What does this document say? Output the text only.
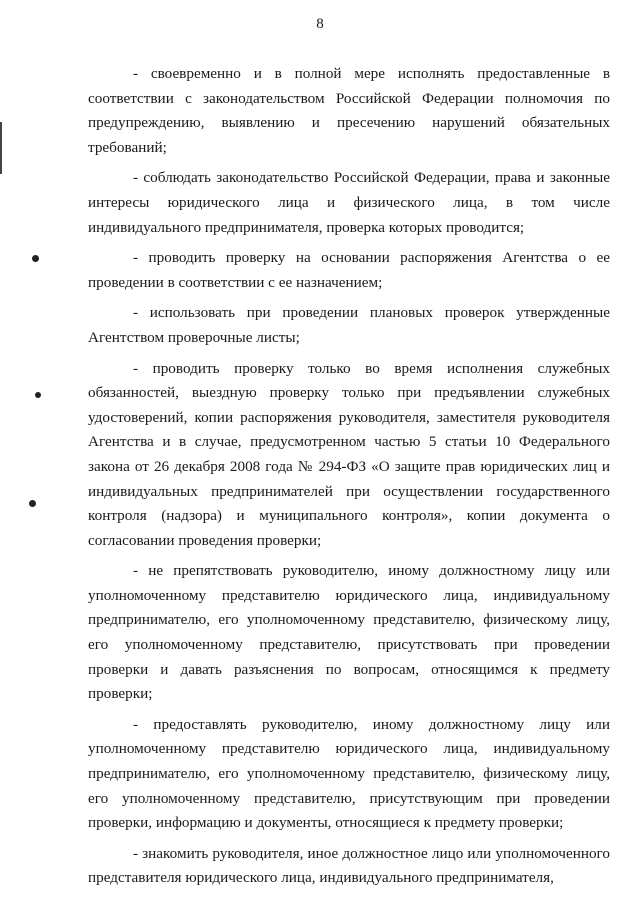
8

- своевременно и в полной мере исполнять предоставленные в соответствии с законодательством Российской Федерации полномочия по предупреждению, выявлению и пресечению нарушений обязательных требований;

- соблюдать законодательство Российской Федерации, права и законные интересы юридического лица и физического лица, в том числе индивидуального предпринимателя, проверка которых проводится;

- проводить проверку на основании распоряжения Агентства о ее проведении в соответствии с ее назначением;

- использовать при проведении плановых проверок утвержденные Агентством проверочные листы;

- проводить проверку только во время исполнения служебных обязанностей, выездную проверку только при предъявлении служебных удостоверений, копии распоряжения руководителя, заместителя руководителя Агентства и в случае, предусмотренном частью 5 статьи 10 Федерального закона от 26 декабря 2008 года № 294-ФЗ «О защите прав юридических лиц и индивидуальных предпринимателей при осуществлении государственного контроля (надзора) и муниципального контроля», копии документа о согласовании проведения проверки;

- не препятствовать руководителю, иному должностному лицу или уполномоченному представителю юридического лица, индивидуальному предпринимателю, его уполномоченному представителю, физическому лицу, его уполномоченному представителю, присутствовать при проведении проверки и давать разъяснения по вопросам, относящимся к предмету проверки;

- предоставлять руководителю, иному должностному лицу или уполномоченному представителю юридического лица, индивидуальному предпринимателю, его уполномоченному представителю, физическому лицу, его уполномоченному представителю, присутствующим при проведении проверки, информацию и документы, относящиеся к предмету проверки;

- знакомить руководителя, иное должностное лицо или уполномоченного представителя юридического лица, индивидуального предпринимателя,
